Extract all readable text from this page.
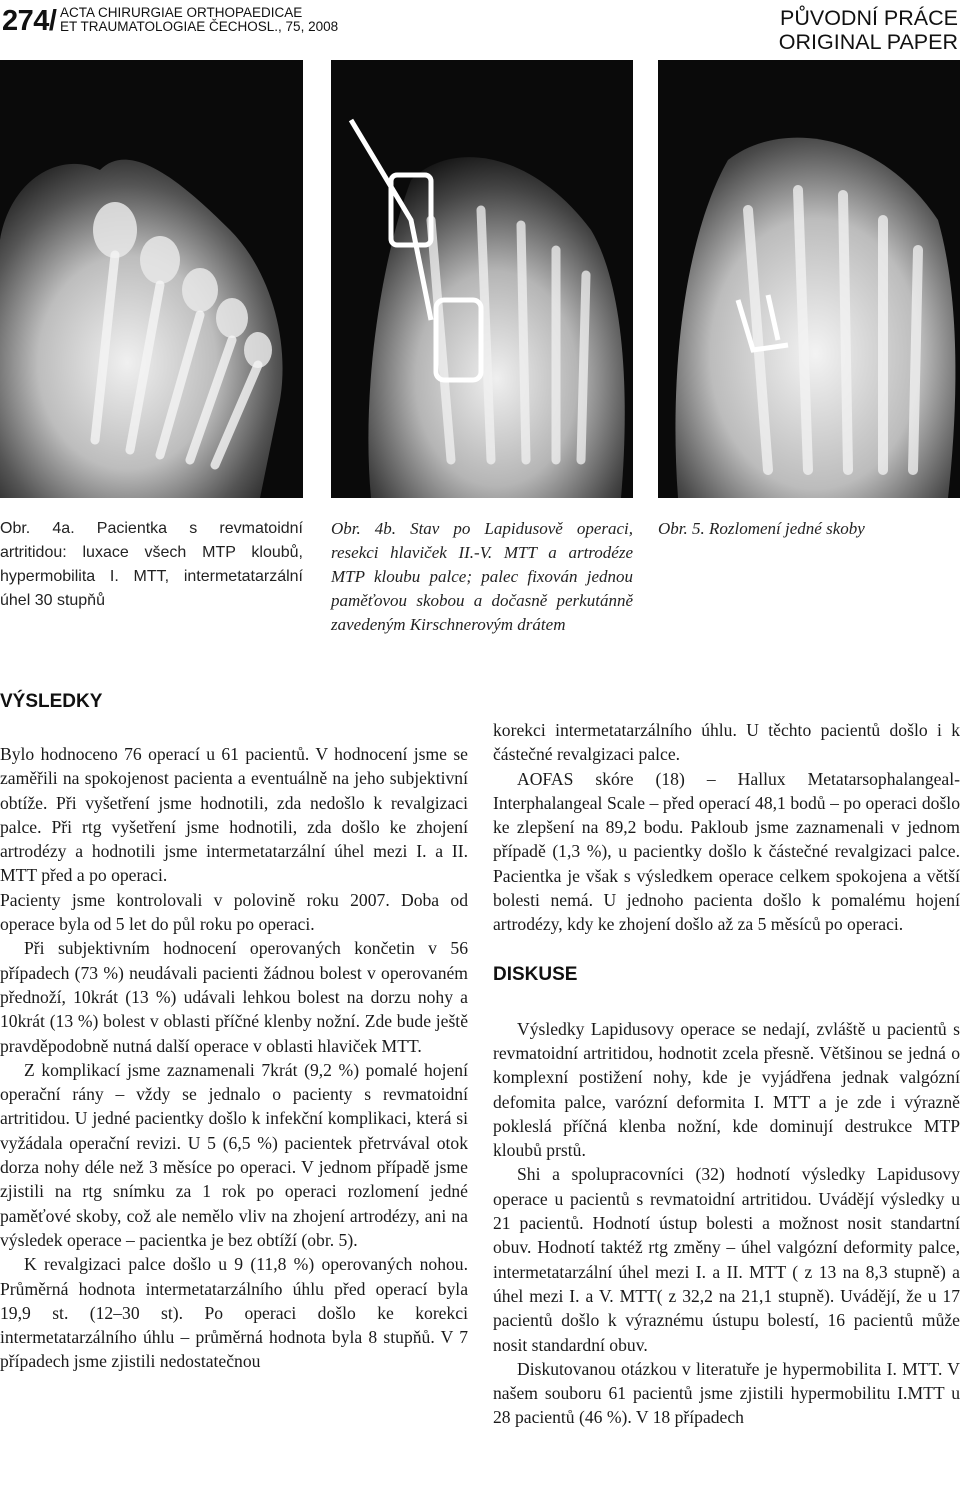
274/ ACTA CHIRURGIAE ORTHOPAEDICAE
ET TRAUMATOLOGIAE ČECHOSL., 75, 2008	PŮVODNÍ PRÁCE
ORIGINAL PAPER
Obr. 4a. Pacientka s revmatoidní artritidou: luxace všech MTP kloubů, hypermobilita I. MTT, intermetatarzální úhel 30 stupňů
Obr. 4b. Stav po Lapidusově operaci, resekci hlaviček II.-V. MTT a artrodéze MTP kloubu palce; palec fixován jednou paměťovou skobou a dočasně perkutánně zavedeným Kirschnerovým drátem
Obr. 5. Rozlomení jedné skoby
VÝSLEDKY

Bylo hodnoceno 76 operací u 61 pacientů. V hodnocení jsme se zaměřili na spokojenost pacienta a eventuálně na jeho subjektivní obtíže. Při vyšetření jsme hodnotili, zda nedošlo k revalgizaci palce. Při rtg vyšetření jsme hodnotili, zda došlo ke zhojení artrodézy a hodnotili jsme intermetatarzální úhel mezi I. a II. MTT před a po operaci.

Pacienty jsme kontrolovali v polovině roku 2007. Doba od operace byla od 5 let do půl roku po operaci.

Při subjektivním hodnocení operovaných končetin v 56 případech (73 %) neudávali pacienti žádnou bolest v operovaném přednoží, 10krát (13 %) udávali lehkou bolest na dorzu nohy a 10krát (13 %) bolest v oblasti příčné klenby nožní. Zde bude ještě pravděpodobně nutná další operace v oblasti hlaviček MTT.

Z komplikací jsme zaznamenali 7krát (9,2 %) pomalé hojení operační rány – vždy se jednalo o pacienty s revmatoidní artritidou. U jedné pacientky došlo k infekční komplikaci, která si vyžádala operační revizi. U 5 (6,5 %) pacientek přetrvával otok dorza nohy déle než 3 měsíce po operaci. V jednom případě jsme zjistili na rtg snímku za 1 rok po operaci rozlomení jedné paměťové skoby, což ale nemělo vliv na zhojení artrodézy, ani na výsledek operace – pacientka je bez obtíží (obr. 5).

K revalgizaci palce došlo u 9 (11,8 %) operovaných nohou. Průměrná hodnota intermetatarzálního úhlu před operací byla 19,9 st. (12–30 st). Po operaci došlo ke korekci intermetatarzálního úhlu – průměrná hodnota byla 8 stupňů. V 7 případech jsme zjistili nedostatečnou

korekci intermetatarzálního úhlu. U těchto pacientů došlo i k částečné revalgizaci palce.

AOFAS skóre (18) – Hallux Metatarsophalangeal-Interphalangeal Scale – před operací 48,1 bodů – po operaci došlo ke zlepšení na 89,2 bodu. Pakloub jsme zaznamenali v jednom případě (1,3 %), u pacientky došlo k částečné revalgizaci palce. Pacientka je však s výsledkem operace celkem spokojena a větší bolesti nemá. U jednoho pacienta došlo k pomalému hojení artrodézy, kdy ke zhojení došlo až za 5 měsíců po operaci.

DISKUSE

Výsledky Lapidusovy operace se nedají, zvláště u pacientů s revmatoidní artritidou, hodnotit zcela přesně. Většinou se jedná o komplexní postižení nohy, kde je vyjádřena jednak valgózní defomita palce, varózní deformita I. MTT a je zde i výrazně pokleslá příčná klenba nožní, kde dominují destrukce MTP kloubů prstů.

Shi a spolupracovníci (32) hodnotí výsledky Lapidusovy operace u pacientů s revmatoidní artritidou. Uvádějí výsledky u 21 pacientů. Hodnotí ústup bolesti a možnost nosit standartní obuv. Hodnotí taktéž rtg změny – úhel valgózní deformity palce, intermetatarzální úhel mezi I. a II. MTT ( z 13 na 8,3 stupně) a úhel mezi I. a V. MTT( z 32,2 na 21,1 stupně). Uvádějí, že u 17 pacientů došlo k výraznému ústupu bolestí, 16 pacientů může nosit standardní obuv.

Diskutovanou otázkou v literatuře je hypermobilita I. MTT. V našem souboru 61 pacientů jsme zjistili hypermobilitu I.MTT u 28 pacientů (46 %). V 18 případech
